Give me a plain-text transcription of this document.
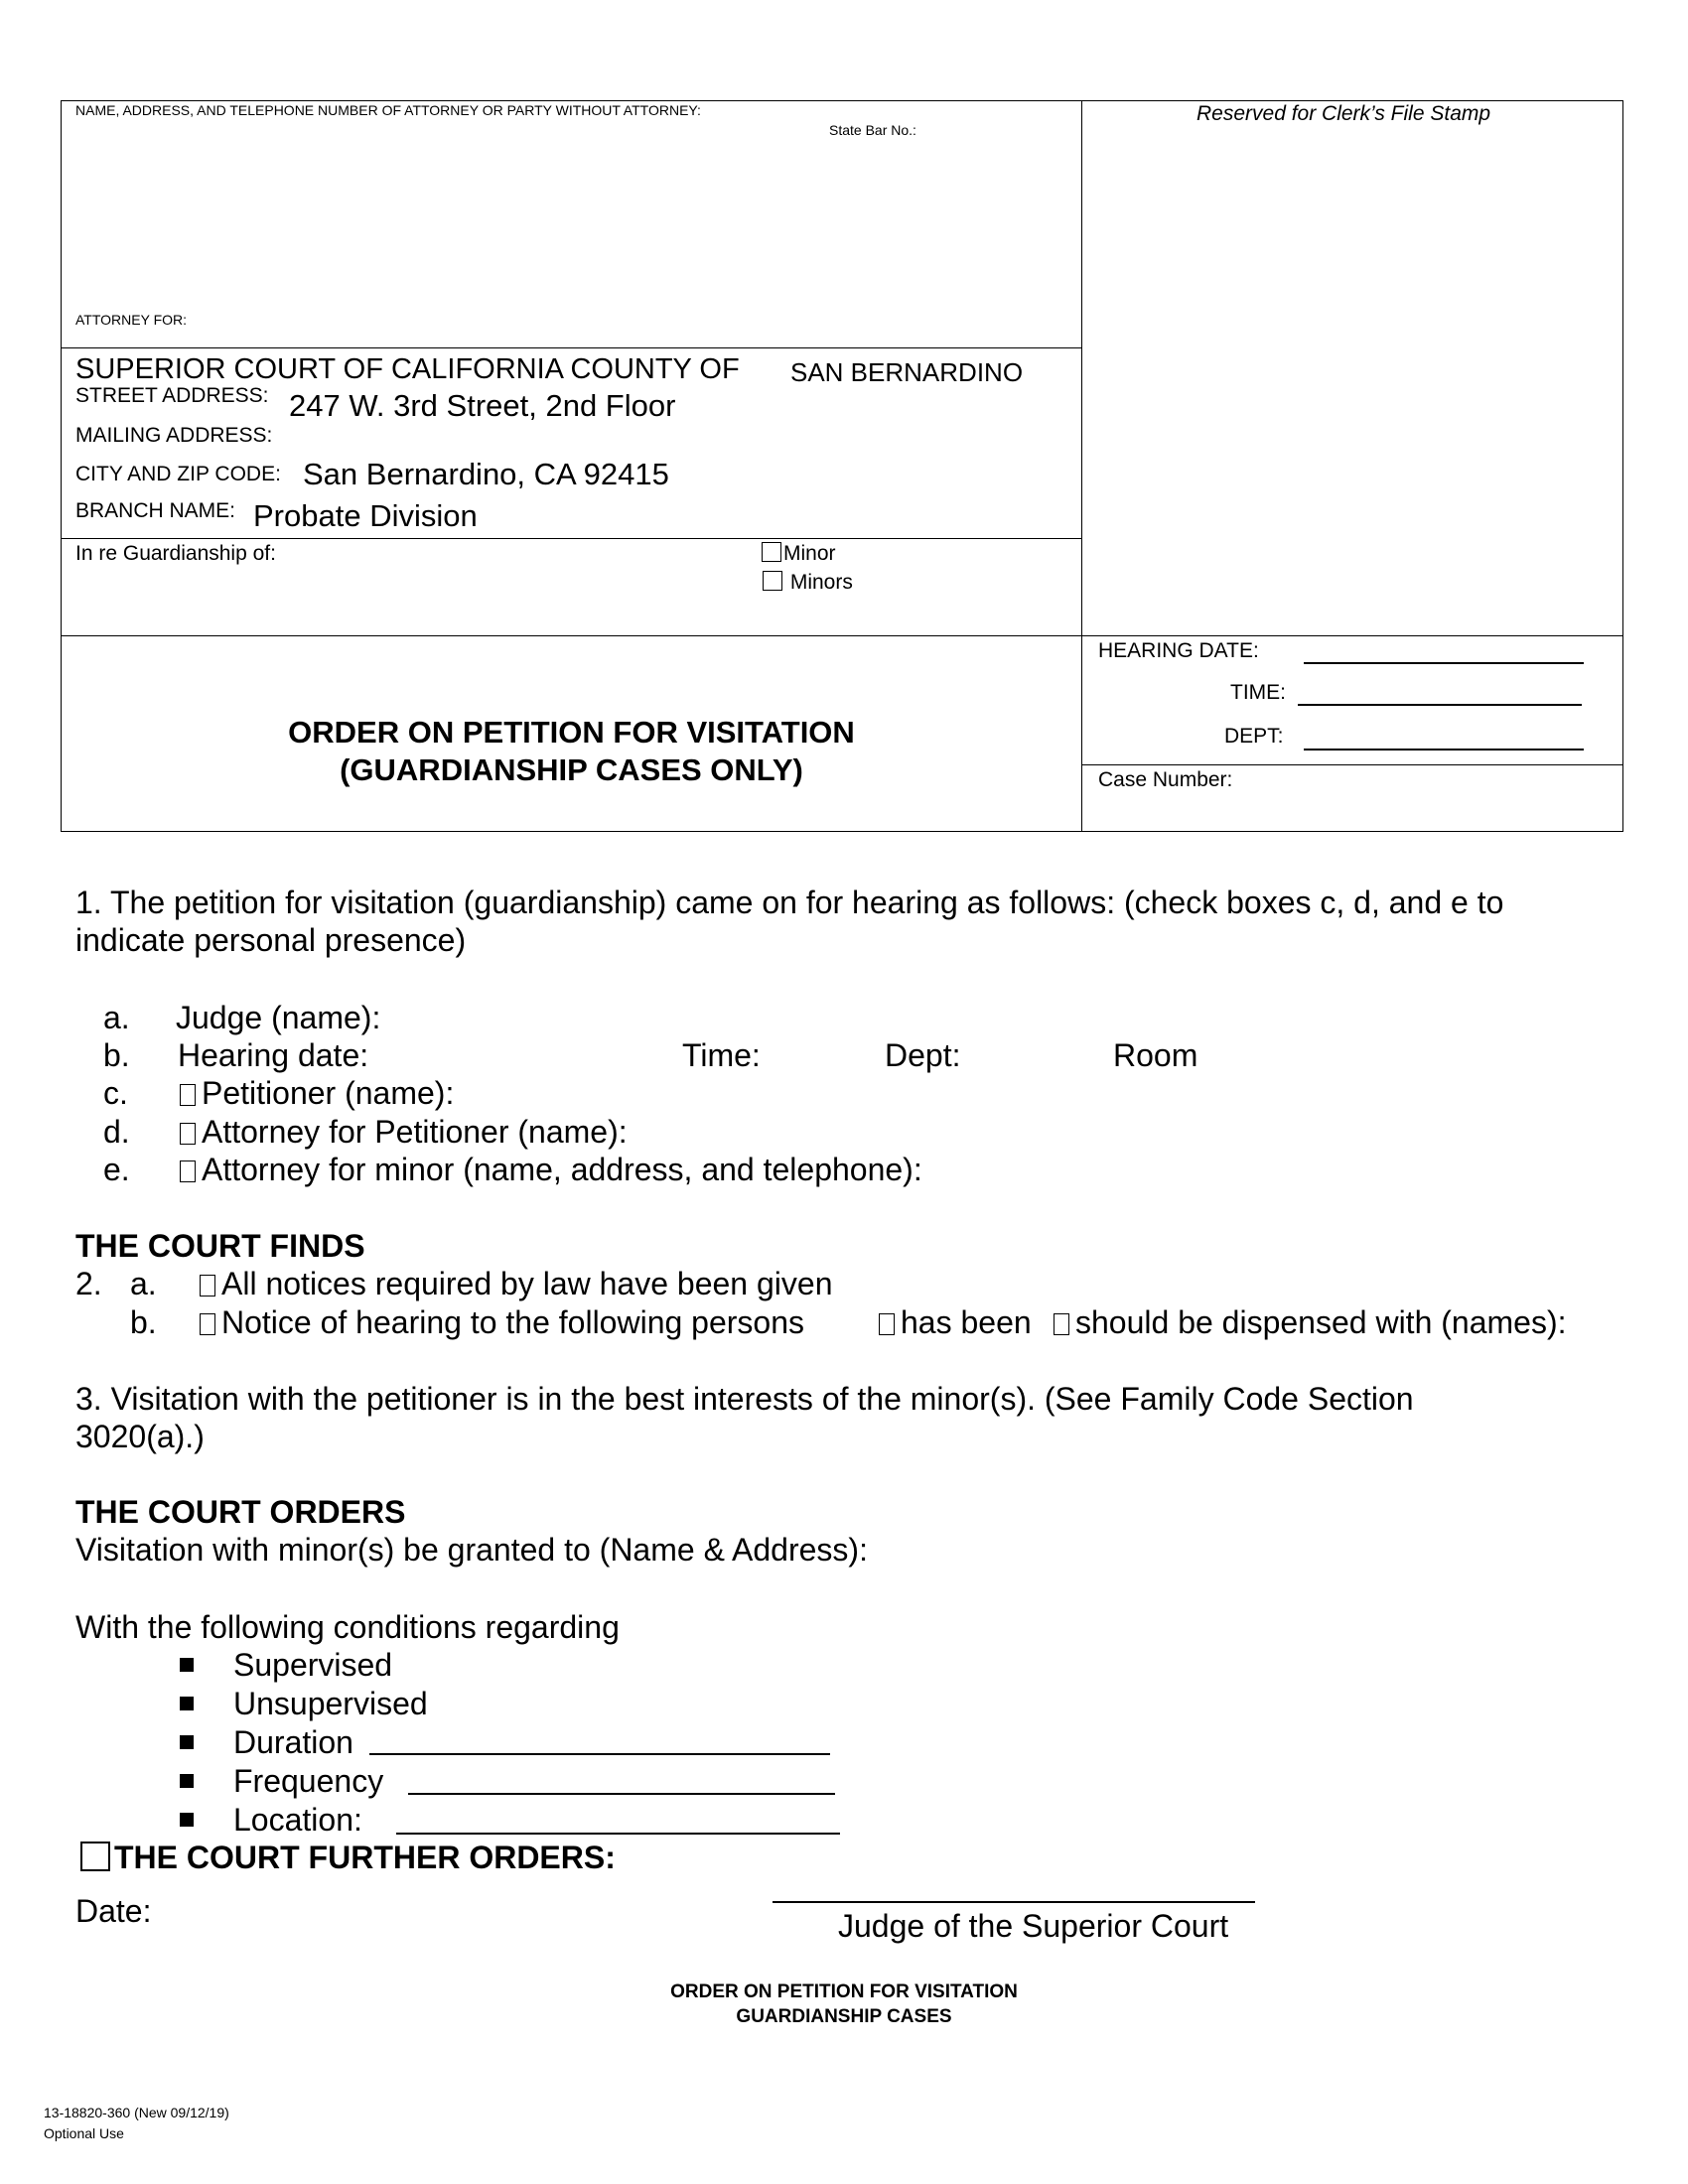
NAME, ADDRESS, AND TELEPHONE NUMBER OF ATTORNEY OR PARTY WITHOUT ATTORNEY:
State Bar No.:
ATTORNEY FOR:
Reserved for Clerk’s File Stamp
SUPERIOR COURT OF CALIFORNIA COUNTY OF SAN BERNARDINO
STREET ADDRESS: 247 W. 3rd Street, 2nd Floor
MAILING ADDRESS:
CITY AND ZIP CODE: San Bernardino, CA 92415
BRANCH NAME: Probate Division
In re Guardianship of:	Minor
Minors
ORDER ON PETITION FOR VISITATION
(GUARDIANSHIP CASES ONLY)
HEARING DATE:
TIME:
DEPT:
Case Number:
1. The petition for visitation (guardianship) came on for hearing as follows: (check boxes c, d, and e to
indicate personal presence)
a. Judge (name):
b. Hearing date:	Time:	Dept:	Room
c.	Petitioner (name):
d.	Attorney for Petitioner (name):
e.	Attorney for minor (name, address, and telephone):
THE COURT FINDS
2. a.	All notices required by law have been given
b.	Notice of hearing to the following persons	has been	should be dispensed with (names):
3. Visitation with the petitioner is in the best interests of the minor(s). (See Family Code Section
3020(a).)
THE COURT ORDERS
Visitation with minor(s) be granted to (Name & Address):
With the following conditions regarding
Supervised
Unsupervised
Duration
Frequency
Location:
THE COURT FURTHER ORDERS:
Date:	Judge of the Superior Court
ORDER ON PETITION FOR VISITATION
GUARDIANSHIP CASES
13-18820-360 (New 09/12/19)
Optional Use
